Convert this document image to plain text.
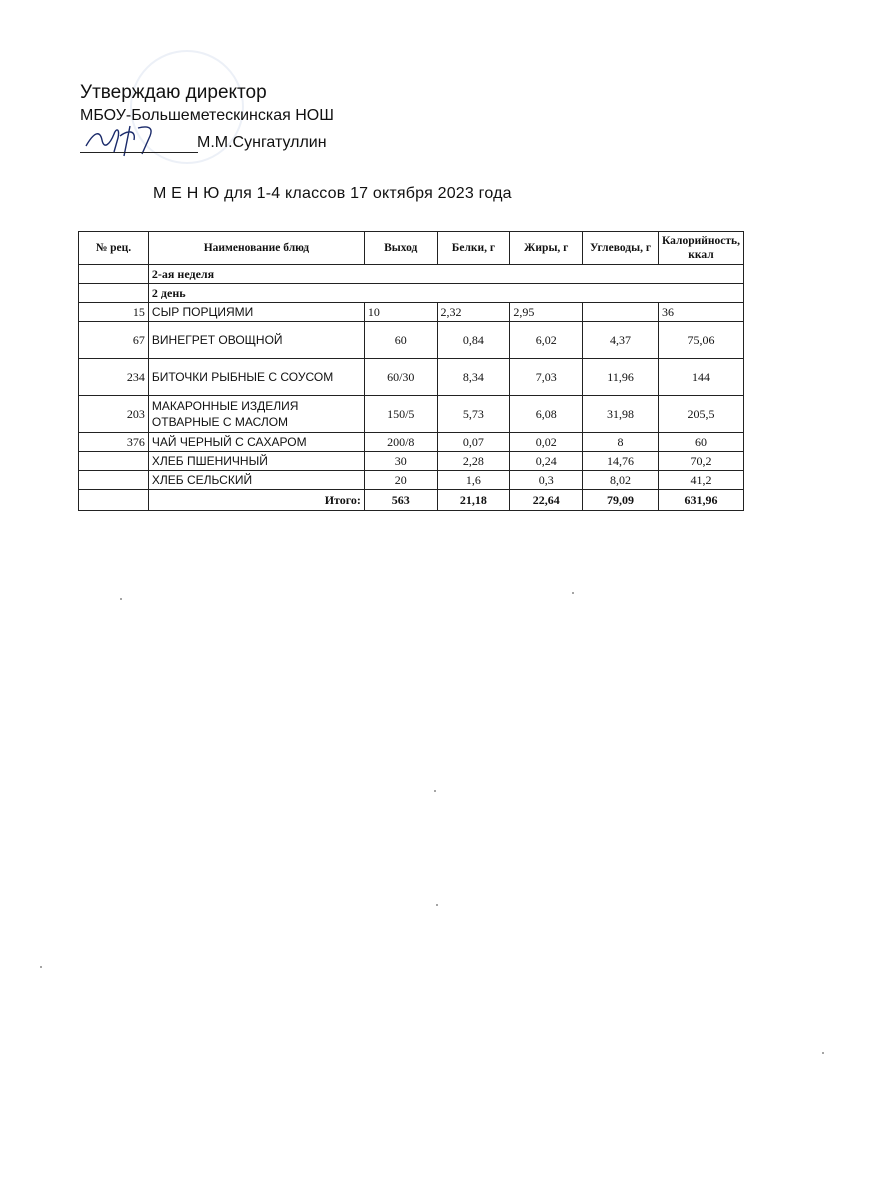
Утверждаю директор
МБОУ-Большеметескинская НОШ
М.М.Сунгатуллин
М Е Н Ю для 1-4 классов 17 октября 2023 года
№ рец.	Наименование блюд	Выход	Белки, г	Жиры, г	Углеводы, г	Калорийность, ккал
	2-ая неделя					
	2 день					
15	СЫР ПОРЦИЯМИ	10	2,32	2,95		36
67	ВИНЕГРЕТ ОВОЩНОЙ	60	0,84	6,02	4,37	75,06
234	БИТОЧКИ РЫБНЫЕ С СОУСОМ	60/30	8,34	7,03	11,96	144
203	МАКАРОННЫЕ ИЗДЕЛИЯ ОТВАРНЫЕ С МАСЛОМ	150/5	5,73	6,08	31,98	205,5
376	ЧАЙ ЧЕРНЫЙ С САХАРОМ	200/8	0,07	0,02	8	60
	ХЛЕБ ПШЕНИЧНЫЙ	30	2,28	0,24	14,76	70,2
	ХЛЕБ СЕЛЬСКИЙ	20	1,6	0,3	8,02	41,2
	Итого:	563	21,18	22,64	79,09	631,96
